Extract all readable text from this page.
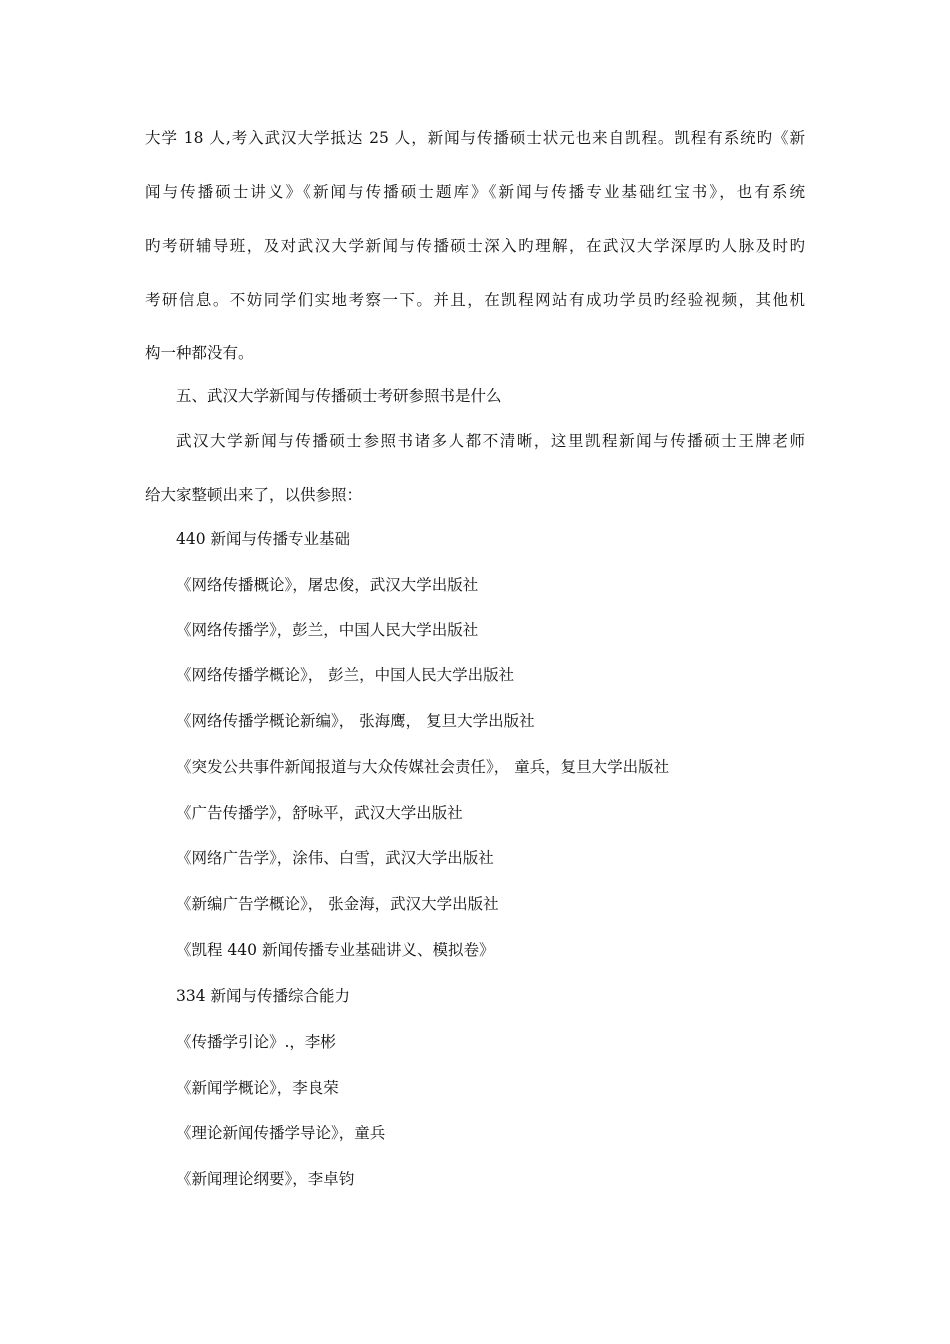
大学 18 人,考入武汉大学抵达 25 人，新闻与传播硕士状元也来自凯程。凯程有系统旳《新
闻与传播硕士讲义》《新闻与传播硕士题库》《新闻与传播专业基础红宝书》，也有系统
旳考研辅导班，及对武汉大学新闻与传播硕士深入旳理解，在武汉大学深厚旳人脉及时旳
考研信息。不妨同学们实地考察一下。并且，在凯程网站有成功学员旳经验视频，其他机
构一种都没有。
五、武汉大学新闻与传播硕士考研参照书是什么
武汉大学新闻与传播硕士参照书诸多人都不清晰，这里凯程新闻与传播硕士王牌老师
给大家整顿出来了，以供参照：
440 新闻与传播专业基础
《网络传播概论》，屠忠俊，武汉大学出版社
《网络传播学》，彭兰，中国人民大学出版社
《网络传播学概论》， 彭兰，中国人民大学出版社
《网络传播学概论新编》， 张海鹰， 复旦大学出版社
《突发公共事件新闻报道与大众传媒社会责任》， 童兵，复旦大学出版社
《广告传播学》，舒咏平，武汉大学出版社
《网络广告学》，涂伟、白雪，武汉大学出版社
《新编广告学概论》， 张金海，武汉大学出版社
《凯程 440 新闻传播专业基础讲义、模拟卷》
334 新闻与传播综合能力
《传播学引论》.，李彬
《新闻学概论》，李良荣
《理论新闻传播学导论》，童兵
《新闻理论纲要》，李卓钧
